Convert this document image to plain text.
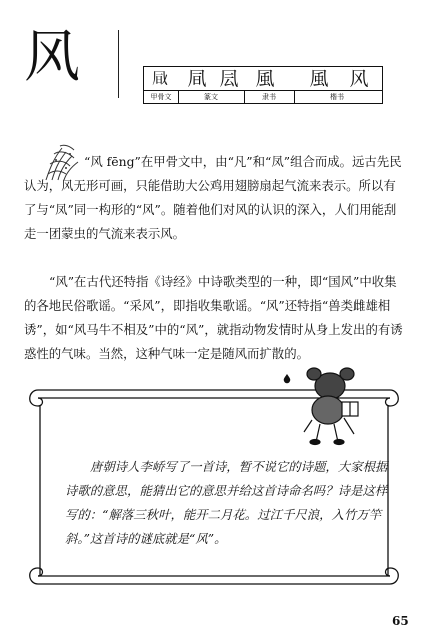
风	𠙊 凬 凨 風 風 风
甲骨文	篆文	隶书	楷书

“风 fēng”在甲骨文中，由“凡”和“凤”组合而成。远古先民认为，风无形可画，只能借助大公鸡用翅膀扇起气流来表示。所以有了与“凤”同一构形的“风”。随着他们对风的认识的深入，人们用能刮走一团蒙虫的气流来表示风。

“风”在古代还特指《诗经》中诗歌类型的一种，即“国风”中收集的各地民俗歌谣。“采风”，即指收集歌谣。“风”还特指“兽类雌雄相诱”，如“风马牛不相及”中的“风”，就指动物发情时从身上发出的有诱惑性的气味。当然，这种气味一定是随风而扩散的。

唐朝诗人李峤写了一首诗，暂不说它的诗题，大家根据诗歌的意思，能猜出它的意思并给这首诗命名吗？诗是这样写的：“解落三秋叶，能开二月花。过江千尺浪，入竹万竿斜。”这首诗的谜底就是“风”。

65
